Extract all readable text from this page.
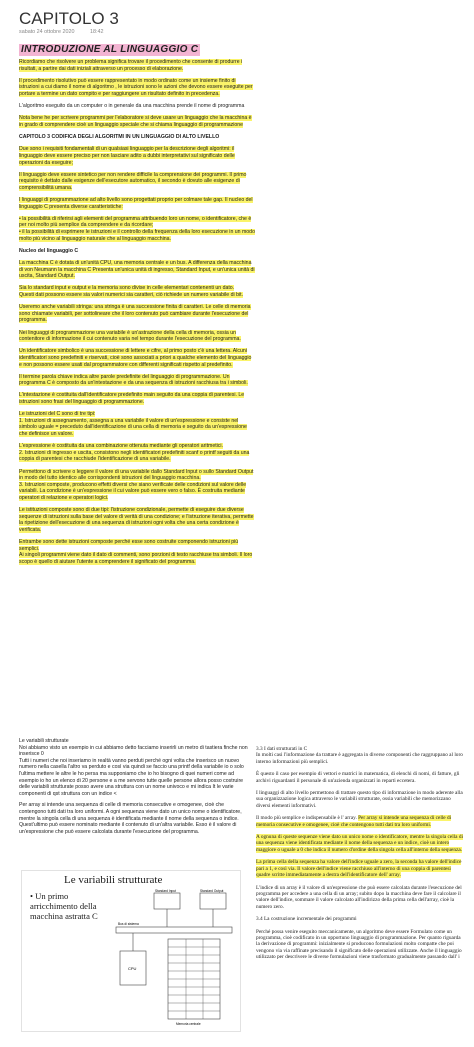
CAPITOLO 3
sabato 24 ottobre 2020	18:42
INTRODUZIONE AL LINGUAGGIO C

Ricordiamo che risolvere un problema significa trovare il procedimento che consente di produrre i risultati, a partire dai dati iniziali attraverso un processo di elaborazione.

Il procedimento risolutivo può essere rappresentato in modo ordinato come un insieme finito di istruzioni a cui diamo il nome di algoritmo , le istruzioni sono le azioni che devono essere eseguite per portare a termine un dato compito e per raggiungere un risultato definito in precedenza.

L'algoritmo eseguito da un computer o in generale da una macchina prende il nome di programma

Nota bene he per scrivere programmi per l'elaboratore si deve usare un linguaggio che la macchina è in grado di comprendere cioè un linguaggio speciale che si chiama linguaggio di programmazione

CAPITOLO 3 CODIFICA DEGLI ALGORITMI IN UN LINGUAGGIO DI ALTO LIVELLO

Due sono i requisiti fondamentali di un qualsiasi linguaggio per la descrizione degli algoritmi: il linguaggio deve essere preciso per non lasciare adito a dubbi interpretativi sul significato delle operazioni da eseguire;

Il linguaggio deve essere sintetico per non rendere difficile la comprensione dei programmi. Il primo requisito è dettato dalle esigenze dell'esecutore automatico, il secondo è dovuto alle esigenze di comprensibilità umana.

I linguaggi di programmazione ad alto livello sono progettati proprio per colmare tale gap. Il nucleo del linguaggio C presenta diverse caratteristiche:

• la possibilità di riferirsi agli elementi del programma attribuendo loro un nome, o identificatore, che è per noi molto più semplice da comprendere e da ricordare;
• il la possibilità di esprimere le istruzioni e il controllo della frequenza della loro esecuzione in un modo molto più vicino al linguaggio naturale che al linguaggio macchina.

Nucleo del linguaggio C

La macchina C è dotata di un'unità CPU, una memoria centrale e un bus. A differenza della macchina di von Neumann la macchina C Presenta un'unica unità di ingresso, Standard Input, e un'unica unità di uscita, Standard Output.

Sia lo standard input e output e la memoria sono divise in celle elementari contenenti un dato.
Questi dati possono essere sia valori numerici sia caratteri, ciò richiede un numero variabile di bit.

Useremo anche variabili stringa: una stringa è una successione finita di caratteri. Le celle di memoria sono chiamate variabili, per sottolineare che il loro contenuto può cambiare durante l'esecuzione del programma.

Nei linguaggi di programmazione una variabile è un'astrazione della cella di memoria, ossia un contenitore di informazione il cui contenuto varia nel tempo durante l'esecuzione del programma.

Un identificatore simbolico è una successione di lettere e cifre, al primo posto c'è una lettera. Alcuni identificatori sono predefiniti e riservati, cioè sono associati a priori a qualche elemento del linguaggio e non possono essere usati dal programmatore con differenti significati rispetto al predefinito.

Il termine parola chiave indica altre parole predefinite del linguaggio di programmazione. Un programma C è composto da un'intestazione e da una sequenza di istruzioni racchiusa tra i simboli.

L'intestazione è costituita dall'identificatore predefinito main seguito da una coppia di parentesi. Le istruzioni sono frasi del linguaggio di programmazione.

Le istruzioni del C sono di tre tipi:
1. Istruzioni di assegnamento, assegna a una variabile il valore di un'espressione e consiste nel simbolo uguale = preceduto dall'identificazione di una cella di memoria e seguito da un'espressione che definisce un valore.

L'espressione è costituita da una combinazione ottenuta mediante gli operatori aritmetici.
2. Istruzioni di ingresso e uscita, consistono negli identificatori predefiniti scanf o printf seguiti da una coppia di parentesi che racchiude l'identificazione di una variabile.

Permettono di scrivere o leggere il valore di una variabile dallo Standard Input o sullo Standard Output in modo del tutto identico alle corrispondenti istruzioni del linguaggio macchina.
3. Istruzioni composte, producono effetti diversi che siano verificate delle condizioni sul valore delle variabili. La condizione è un'espressione il cui valore può essere vero o falso. È costruita mediante operatori di relazione e operatori logici.

Le istituzioni composte sono di due tipi: l'istruzione condizionale, permette di eseguire due diverse sequenze di istruzioni sulla base del valore di verità di una condizione; e l'istruzione iterativa, permette la ripetizione dell'esecuzione di una sequenza di istruzioni ogni volta che una certa condizione è verificata.

Entrambe sono dette istruzioni composte perché esse sono costruite componendo istruzioni più semplici.
Ai singoli programmi viene dato il dato di commenti, sono porzioni di testo racchiuse tra simboli. Il loro scopo è quello di aiutare l'utente a comprendere il significato del programma.

Le variabili strutturate
Noi abbiamo visto un esempio in cui abbiamo detto facciamo inserirli un metro di tastiera finche non inserisce 0
Tutti i numeri che noi inseriamo in realtà vanno perduti perché ogni volta che inserisco un nuovo numero nella casella l'altro va perduto e così via quindi se faccio una printf della variabile io o solo l'ultima mettere le altre le ho persa ma supponiamo che io ho bisogno di quei numeri come ad esempio io ho un elenco di 20 persone e a me servono tutte quelle persone allora posso costruire delle variabili strutturate posso avere una struttura con un nome univoco e mi indica It le varie componenti di qst struttura con un indice <

Per array si intende una sequenza di celle di memoria consecutive e omogenee, cioè che contengono tutti dati tra loro uniformi. A ogni sequenza viene dato un unico nome o identificatore, mentre la singola cella di una sequenza è identificata mediante il nome della sequenza o indice.
Quest'ultimo può essere nominato mediante il contenuto di un'altra variabile. Esso è il valore di un'espressione che può essere calcolata durante l'esecuzione del programma.

Le variabili strutturate
• Un primo arricchimento della macchina astratta C
Standard Input	Standard Output
Bus di sistema
CPU
Memoria centrale

3.3 I dati strutturati in C
In molti casi l'informazione da trattare è aggregata in diverse componenti che raggruppano al loro interno informazioni più semplici.

È questo il caso per esempio di vettori e matrici in matematica, di elenchi di nomi, di fatture, gli archivi riguardanti il personale di un'azienda organizzati in reparti eccetera.

I linguaggi di alto livello permettono di trattare questo tipo di informazione in modo aderente alla sua organizzazione logica attraverso le variabili strutturate, ossia variabili che memorizzano diversi elementi informativi.

Il modo più semplice e indispensabile è l' array. Per array si intende una sequenza di celle di memoria consecutive e omogenee, cioè che contengono tutti dati tra loro uniformi.

A ognuna di queste sequenze viene dato un unico nome o identificatore, mentre la singola cella di una sequenza viene identificata mediante il nome della sequenza e un indice, cioè un intero maggiore o uguale a 0 che indica il numero d'ordine della singola cella all'interno della sequenza.

La prima cella della sequenza ha valore dell'indice uguale a zero, la seconda ha valore dell'indice pari a 1, e così via. Il valore dell'indice viene racchiuso all'interno di una coppia di parentesi quadre scritte immediatamente a destra dell'identificatore dell' array.

L'indice di un array è il valore di un'espressione che può essere calcolata durante l'esecuzione del programma per accedere a una cella di un array; subito dopo la macchina deve fare il calcolare il valore dell'indice, sommare il valore calcolato all'indirizzo della prima cella dell'array, cioè la numero zero.

3.4 La costruzione incrementale dei programmi

Perché possa venire eseguito meccanicamente, un algoritmo deve essere Formulato come un programma, cioè codificato in un opportuno linguaggio di programmazione. Per quanto riguarda la derivazione di programmi: inizialmente si producono formulazioni molto compatte che poi vengono via via raffinate precisando il significato delle operazioni utilizzate. Anche il linguaggio utilizzato per descrivere le diverse formulazioni viene trasformato gradualmente passando dall' i
